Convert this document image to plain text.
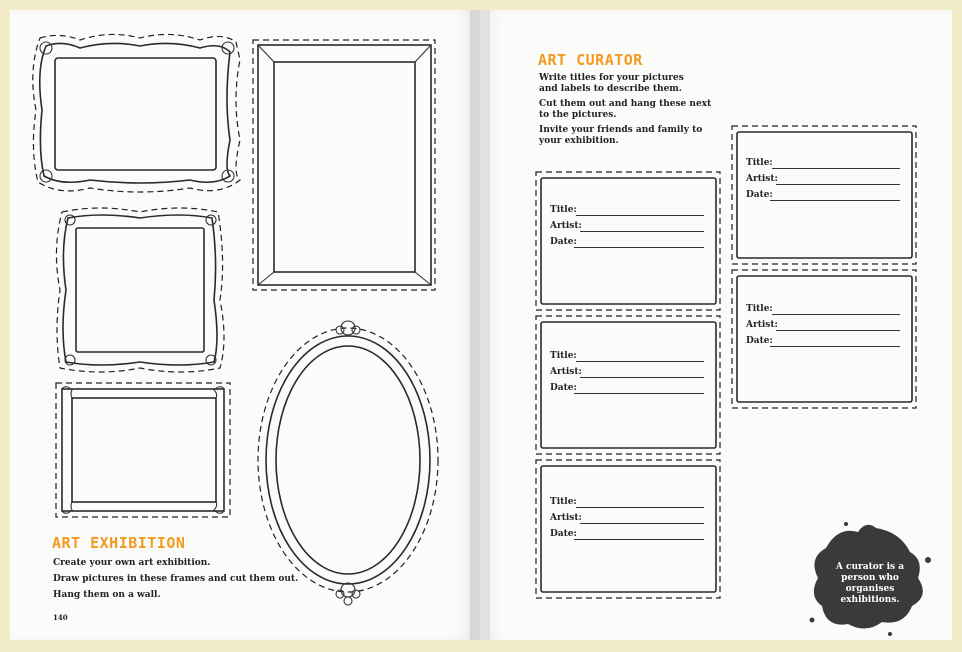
ART EXHIBITION
Create your own art exhibition.
Draw pictures in these frames and cut them out.
Hang them on a wall.
140
ART CURATOR
Write titles for your pictures and labels to describe them.
Cut them out and hang these next to the pictures.
Invite your friends and family to your exhibition.
Title:
Artist:
Date:
Title:
Artist:
Date:
Title:
Artist:
Date:
Title:
Artist:
Date:
Title:
Artist:
Date:
A curator is a person who organises exhibitions.
